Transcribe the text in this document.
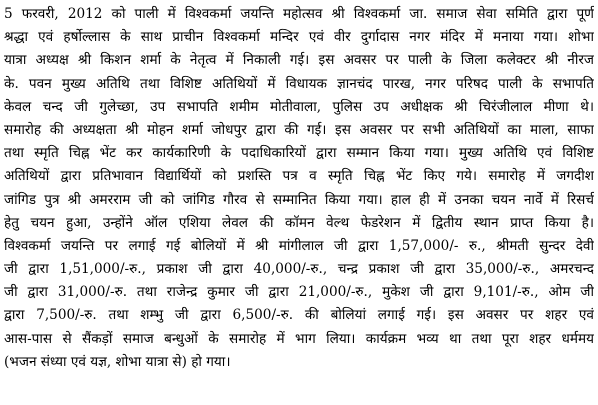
5 फरवरी, 2012 को पाली में विश्वकर्मा जयन्ति महोत्सव श्री विश्वकर्मा जा. समाज सेवा समिति द्वारा पूर्ण
श्रद्धा एवं हर्षोल्लास के साथ प्राचीन विश्वकर्मा मन्दिर एवं वीर दुर्गादास नगर मंदिर में मनाया गया। शोभा
यात्रा अध्यक्ष श्री किशन शर्मा के नेतृत्व में निकाली गई। इस अवसर पर पाली के जिला कलेक्टर श्री नीरज
के. पवन मुख्य अतिथि तथा विशिष्ट अतिथियों में विधायक ज्ञानचंद पारख, नगर परिषद पाली के सभापति
केवल चन्द जी गुलेच्छा, उप सभापति शमीम मोतीवाला, पुलिस उप अधीक्षक श्री चिरंजीलाल मीणा थे।
समारोह की अध्यक्षता श्री मोहन शर्मा जोधपुर द्वारा की गई। इस अवसर पर सभी अतिथियों का माला, साफा
तथा स्मृति चिह्न भेंट कर कार्यकारिणी के पदाधिकारियों द्वारा सम्मान किया गया। मुख्य अतिथि एवं विशिष्ट
अतिथियों द्वारा प्रतिभावान विद्यार्थियों को प्रशस्ति पत्र व स्मृति चिह्न भेंट किए गये। समारोह में जगदीश
जांगिड पुत्र श्री अमरराम जी को जांगिड गौरव से सम्मानित किया गया। हाल ही में उनका चयन नार्वे में रिसर्च
हेतु चयन हुआ, उन्होंने ऑल एशिया लेवल की कॉमन वेल्थ फेडरेशन में द्वितीय स्थान प्राप्त किया है।
विश्वकर्मा जयन्ति पर लगाई गई बोलियों में श्री मांगीलाल जी द्वारा 1,57,000/- रु., श्रीमती सुन्दर देवी
जी द्वारा 1,51,000/-रु., प्रकाश जी द्वारा 40,000/-रु., चन्द्र प्रकाश जी द्वारा 35,000/-रु., अमरचन्द
जी द्वारा 31,000/-रु. तथा राजेन्द्र कुमार जी द्वारा 21,000/-रु., मुकेश जी द्वारा 9,101/-रु., ओम जी
द्वारा 7,500/-रु. तथा शम्भु जी द्वारा 6,500/-रु. की बोलियां लगाई गई। इस अवसर पर शहर एवं
आस-पास से सैंकड़ों समाज बन्धुओं के समारोह में भाग लिया। कार्यक्रम भव्य था तथा पूरा शहर धर्ममय
(भजन संध्या एवं यज्ञ, शोभा यात्रा से) हो गया।
